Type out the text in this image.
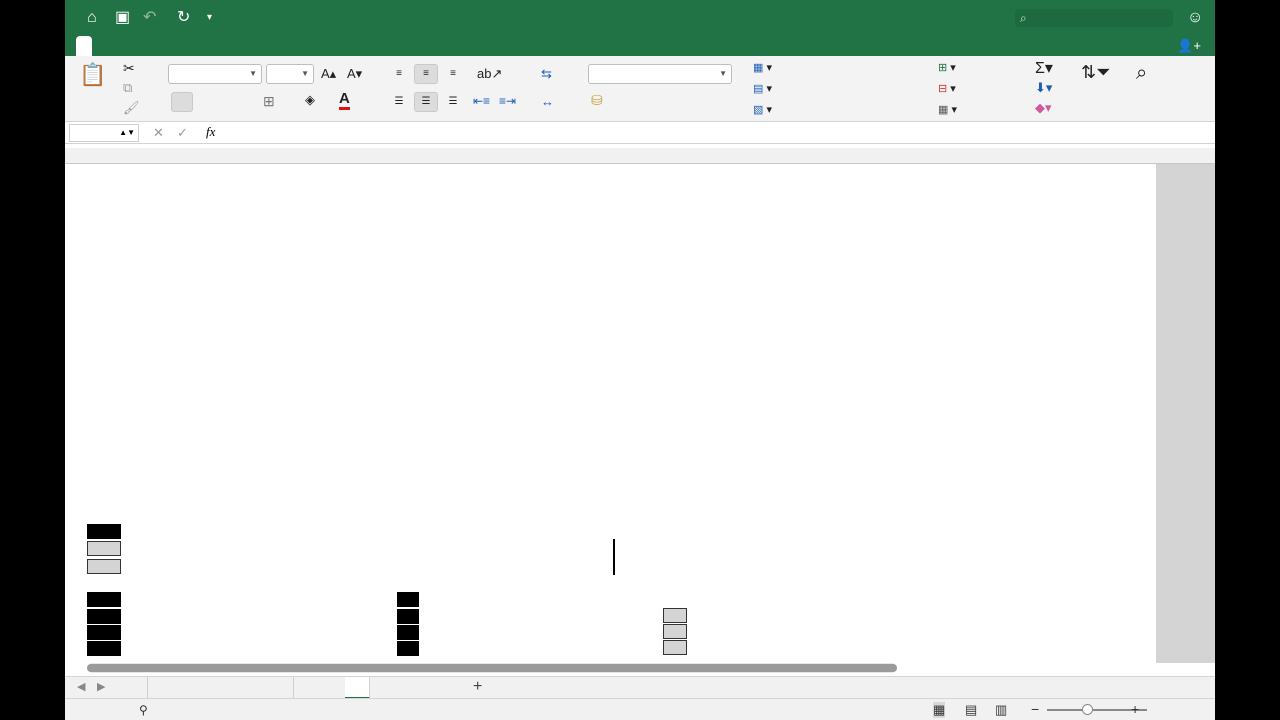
⌂ ▣ ↶ ↻ ▾	⌕	☺
👤+
📋 ✂
⧉
🖌
▼	▼ A▴ A▾
⊞ ◈ A
≡	≡	≡	ab↗
☰	☰	☰	⇤≡ ≡⇥
⇆
↔
▼
⛁
▦ ▾
▤ ▾
▧ ▾
⊞ ▾
⊟ ▾
▦ ▾
Σ▾
⬇▾
◆▾
⇅⏷ ⌕
▲▼ ✕ ✓ fx
◀ ▶	+
⚲	▦ ▤ ▥ −	+
